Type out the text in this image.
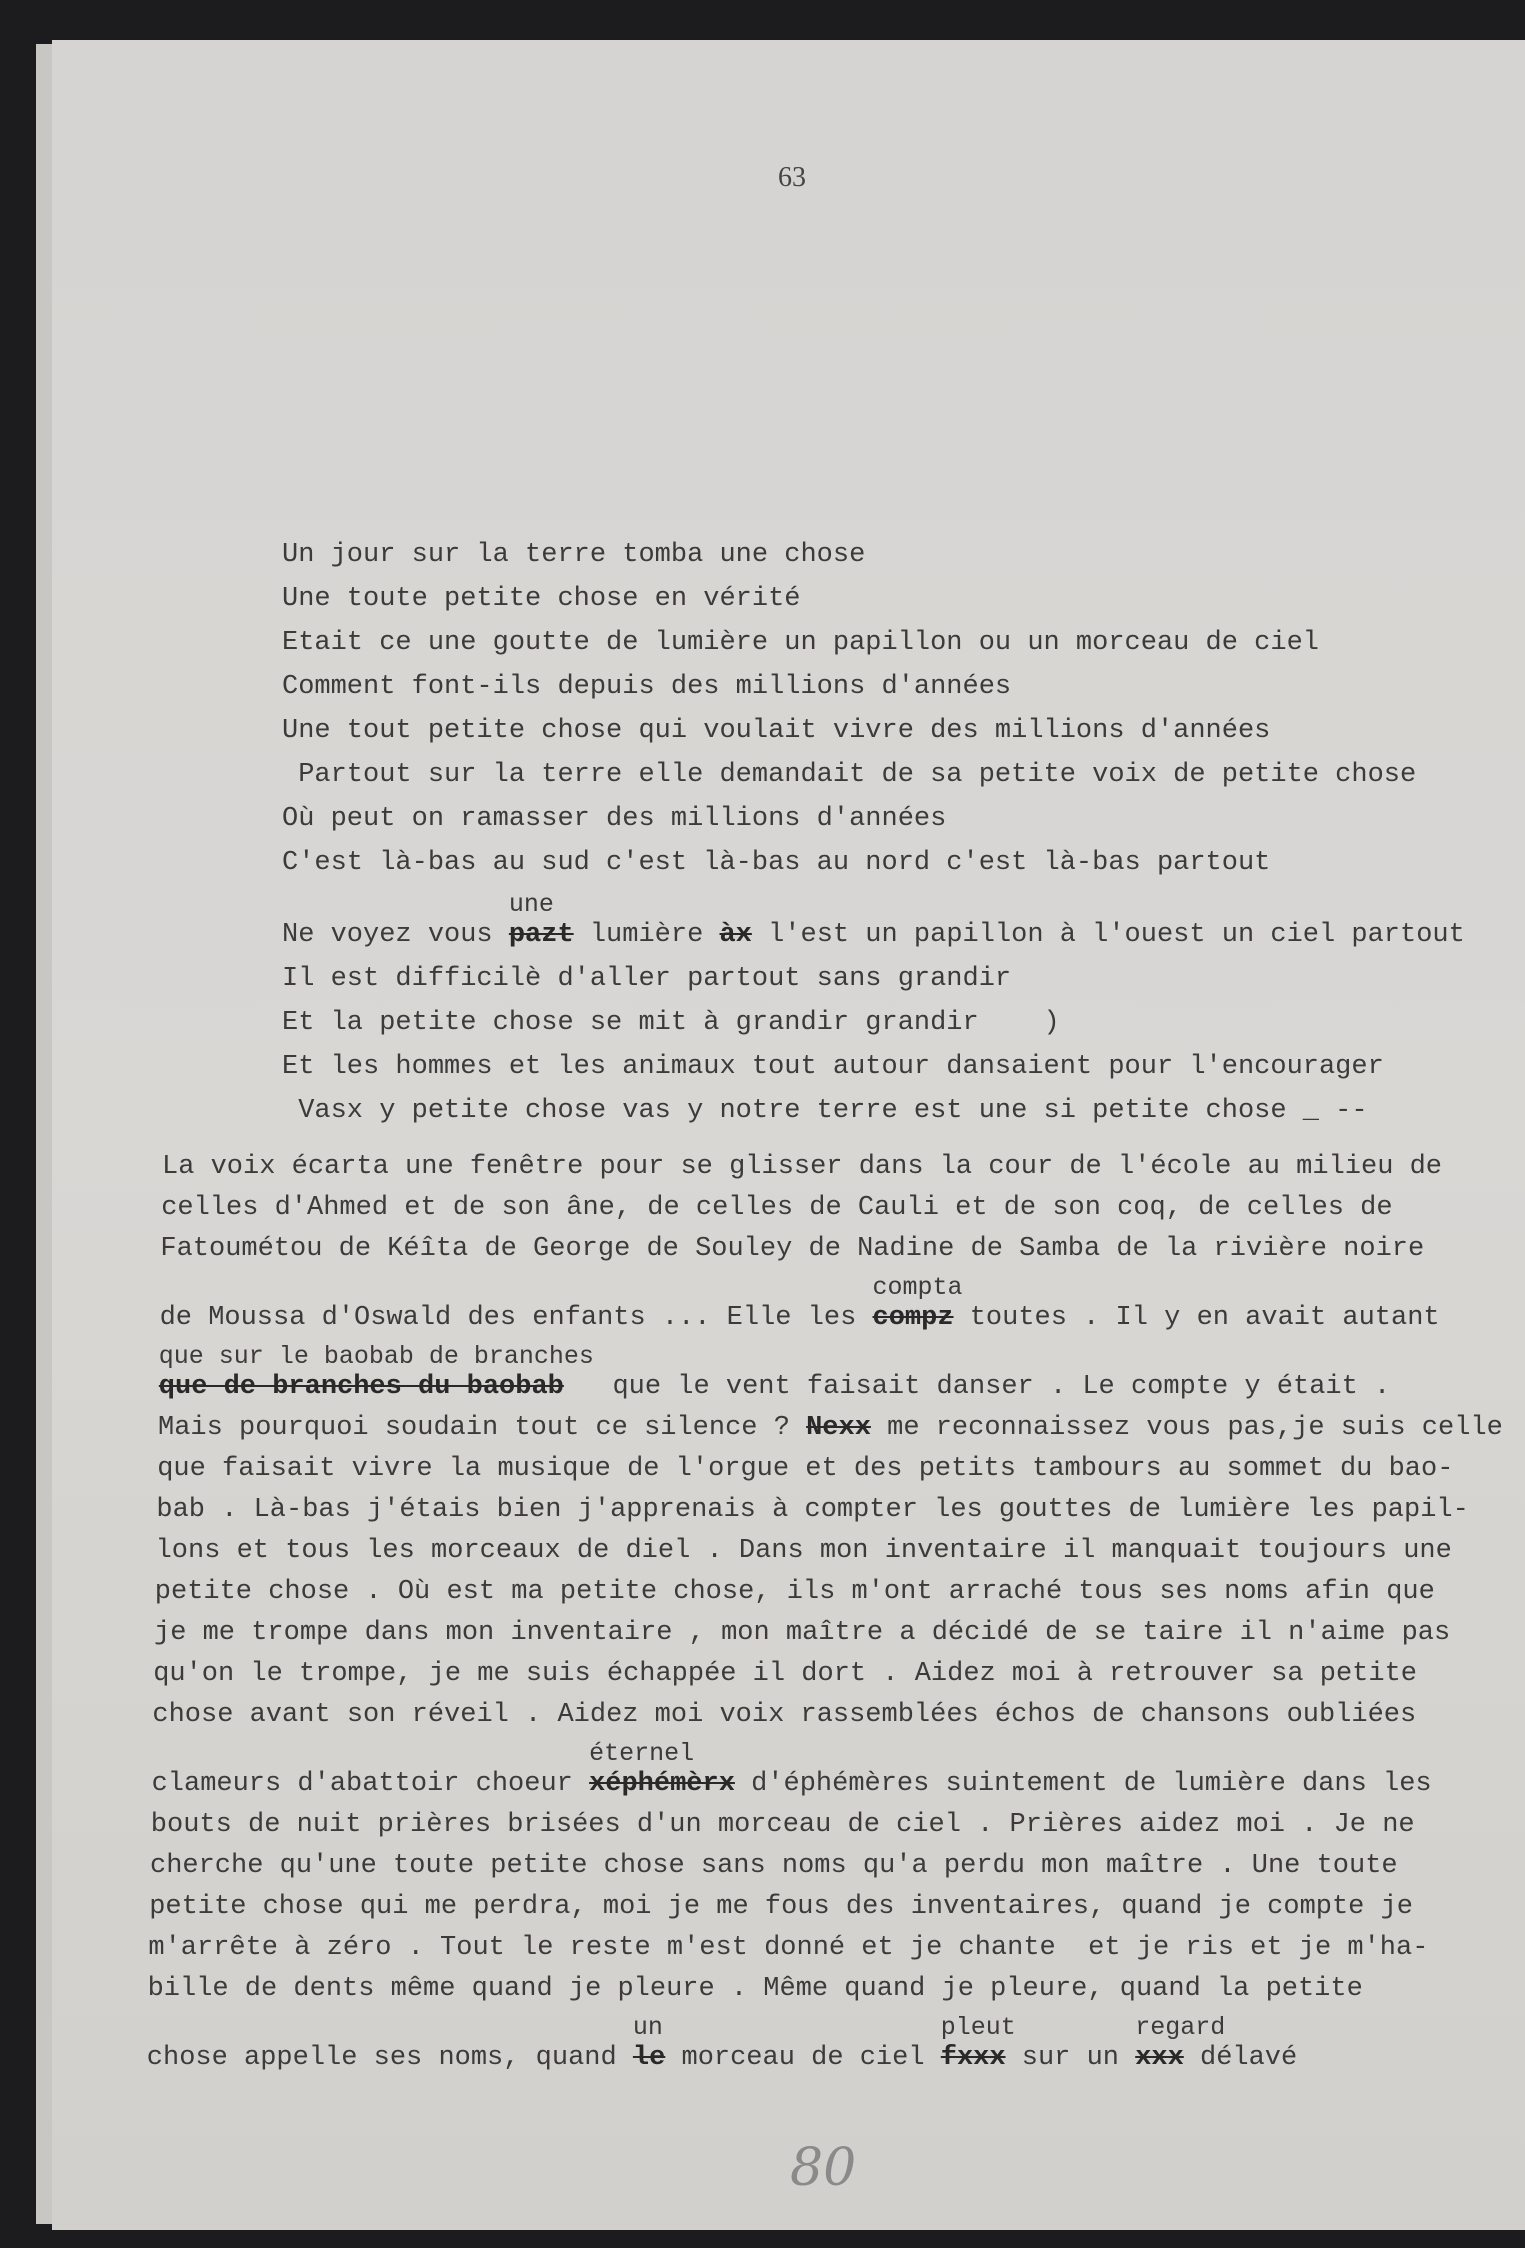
63
Un jour sur la terre tomba une chose
Une toute petite chose en vérité
Etait ce une goutte de lumière un papillon ou un morceau de ciel
Comment font-ils depuis des millions d'années
Une tout petite chose qui voulait vivre des millions d'années
Partout sur la terre elle demandait de sa petite voix de petite chose
Où peut on ramasser des millions d'années
C'est là-bas au sud c'est là-bas au nord c'est là-bas partout
Ne voyez vous pazt
une
lumière àx l'est un papillon à l'ouest un ciel partout
Il est difficilè d'aller partout sans grandir
Et la petite chose se mit à grandir grandir    )
Et les hommes et les animaux tout autour dansaient pour l'encourager
Vasx y petite chose vas y notre terre est une si petite chose _ --
La voix écarta une fenêtre pour se glisser dans la cour de l'école au milieu de
celles d'Ahmed et de son âne, de celles de Cauli et de son coq, de celles de
Fatoumétou de Kéîta de George de Souley de Nadine de Samba de la rivière noire
de Moussa d'Oswald des enfants ... Elle les compz
compta
toutes . Il y en avait autant
que de branches du baobab
que sur le baobab de branches
que le vent faisait danser . Le compte y était .
Mais pourquoi soudain tout ce silence ? Nexx me reconnaissez vous pas,je suis celle
que faisait vivre la musique de l'orgue et des petits tambours au sommet du bao-
bab . Là-bas j'étais bien j'apprenais à compter les gouttes de lumière les papil-
lons et tous les morceaux de diel . Dans mon inventaire il manquait toujours une
petite chose . Où est ma petite chose, ils m'ont arraché tous ses noms afin que
je me trompe dans mon inventaire , mon maître a décidé de se taire il n'aime pas
qu'on le trompe, je me suis échappée il dort . Aidez moi à retrouver sa petite
chose avant son réveil . Aidez moi voix rassemblées échos de chansons oubliées
clameurs d'abattoir choeur xéphémèrx
éternel
d'éphémères suintement de lumière dans les
bouts de nuit prières brisées d'un morceau de ciel . Prières aidez moi . Je ne
cherche qu'une toute petite chose sans noms qu'a perdu mon maître . Une toute
petite chose qui me perdra, moi je me fous des inventaires, quand je compte je
m'arrête à zéro . Tout le reste m'est donné et je chante  et je ris et je m'ha-
bille de dents même quand je pleure . Même quand je pleure, quand la petite
chose appelle ses noms, quand le
un
morceau de ciel fxxx
pleut
sur un xxx
regard
délavé
80
